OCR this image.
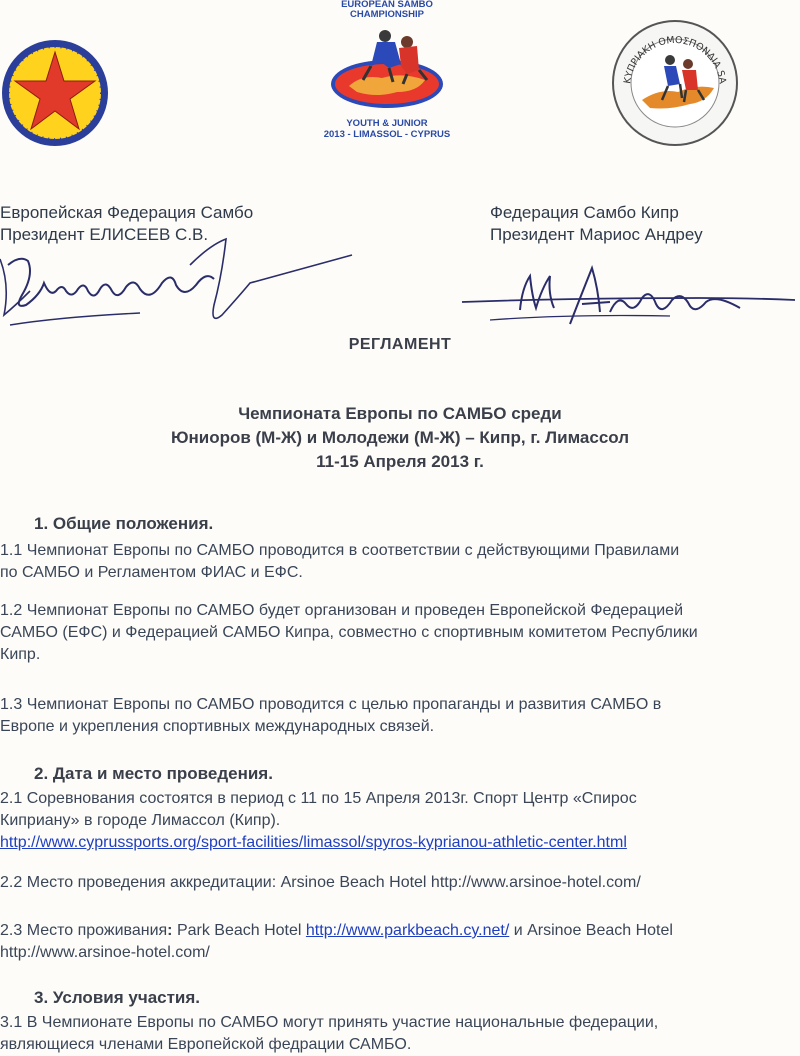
EUROPEAN SAMBO
CHAMPIONSHIP
YOUTH & JUNIOR
2013 - LIMASSOL - CYPRUS
ΚΥΠΡΙΑΚΗ ΟΜΟΣΠΟΝΔΙΑ SA
Европейская Федерация Самбо
Президент ЕЛИСЕЕВ С.В.
Федерация Самбо Кипр
Президент Мариос Андреу
РЕГЛАМЕНТ
Чемпионата Европы по САМБО среди
Юниоров (М-Ж) и Молодежи (М-Ж) – Кипр, г. Лимассол
11-15 Апреля 2013 г.
1. Общие положения.
1.1 Чемпионат Европы по САМБО проводится в соответствии с действующими Правилами
по САМБО и Регламентом ФИАС и ЕФС.
1.2 Чемпионат Европы по САМБО будет организован и проведен Европейской Федерацией
САМБО (ЕФС) и Федерацией САМБО Кипра, совместно с спортивным комитетом Республики
Кипр.
1.3 Чемпионат Европы по САМБО проводится с целью пропаганды и развития САМБО в
Европе и укрепления спортивных международных связей.
2. Дата и место проведения.
2.1 Соревнования состоятся в период с 11 по 15 Апреля 2013г. Спорт Центр «Спирос
Киприану» в городе Лимассол (Кипр).
http://www.cyprussports.org/sport-facilities/limassol/spyros-kyprianou-athletic-center.html
2.2 Место проведения аккредитации: Arsinoe Beach Hotel http://www.arsinoe-hotel.com/
2.3 Место проживания: Park Beach Hotel http://www.parkbeach.cy.net/ и Arsinoe Beach Hotel
http://www.arsinoe-hotel.com/
3. Условия участия.
3.1 В Чемпионате Европы по САМБО могут принять участие национальные федерации,
являющиеся членами Европейской федрации САМБО.
